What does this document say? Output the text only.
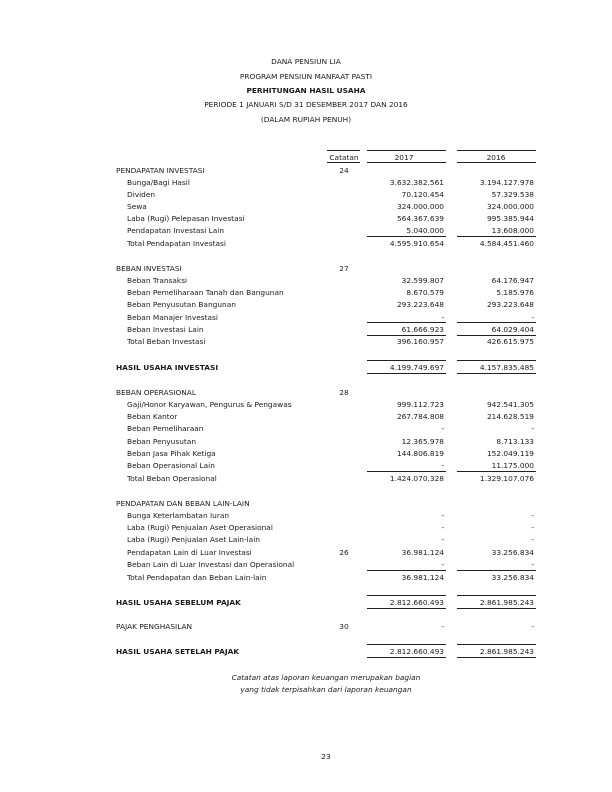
DANA PENSIUN LIA
PROGRAM PENSIUN MANFAAT PASTI
PERHITUNGAN HASIL USAHA
PERIODE 1 JANUARI S/D 31 DESEMBER 2017 DAN 2016
(DALAM RUPIAH PENUH)
Catatan	2017	2016
PENDAPATAN INVESTASI	24
Bunga/Bagi Hasil	3.632.382.561	3.194.127.978
Dividen	70.120.454	57.329.538
Sewa	324.000.000	324.000.000
Laba (Rugi) Pelepasan Investasi	564.367.639	995.385.944
Pendapatan Investasi Lain	5.040.000	13.608.000
Total Pendapatan Investasi	4.595.910.654	4.584.451.460
BEBAN INVESTASI	27
Beban Transaksi	32.599.807	64.176.947
Beban Pemeliharaan Tanah dan Bangunan	8.670.579	5.185.976
Beban Penyusutan Bangunan	293.223.648	293.223.648
Beban Manajer Investasi	-	-
Beban Investasi Lain	61.666.923	64.029.404
Total Beban Investasi	396.160.957	426.615.975
HASIL USAHA INVESTASI	4.199.749.697	4.157.835.485
BEBAN OPERASIONAL	28
Gaji/Honor Karyawan, Pengurus & Pengawas	999.112.723	942.541.305
Beban Kantor	267.784.808	214.628.519
Beban Pemeliharaan	-	-
Beban Penyusutan	12.365.978	8.713.133
Beban Jasa Pihak Ketiga	144.806.819	152.049.119
Beban Operasional Lain	-	11.175.000
Total Beban Operasional	1.424.070.328	1.329.107.076
PENDAPATAN DAN BEBAN LAIN-LAIN
Bunga Keterlambatan Iuran	-	-
Laba (Rugi) Penjualan Aset Operasional	-	-
Laba (Rugi) Penjualan Aset Lain-lain	-	-
Pendapatan Lain di Luar Investasi	26	36.981.124	33.256.834
Beban Lain di Luar Investasi dan Operasional	-	-
Total Pendapatan dan Beban Lain-lain	36.981.124	33.256.834
HASIL USAHA SEBELUM PAJAK	2.812.660.493	2.861.985.243
PAJAK PENGHASILAN	30	-	-
HASIL USAHA SETELAH PAJAK	2.812.660.493	2.861.985.243
Catatan atas laporan keuangan merupakan bagian
yang tidak terpisahkan dari laporan keuangan
23
